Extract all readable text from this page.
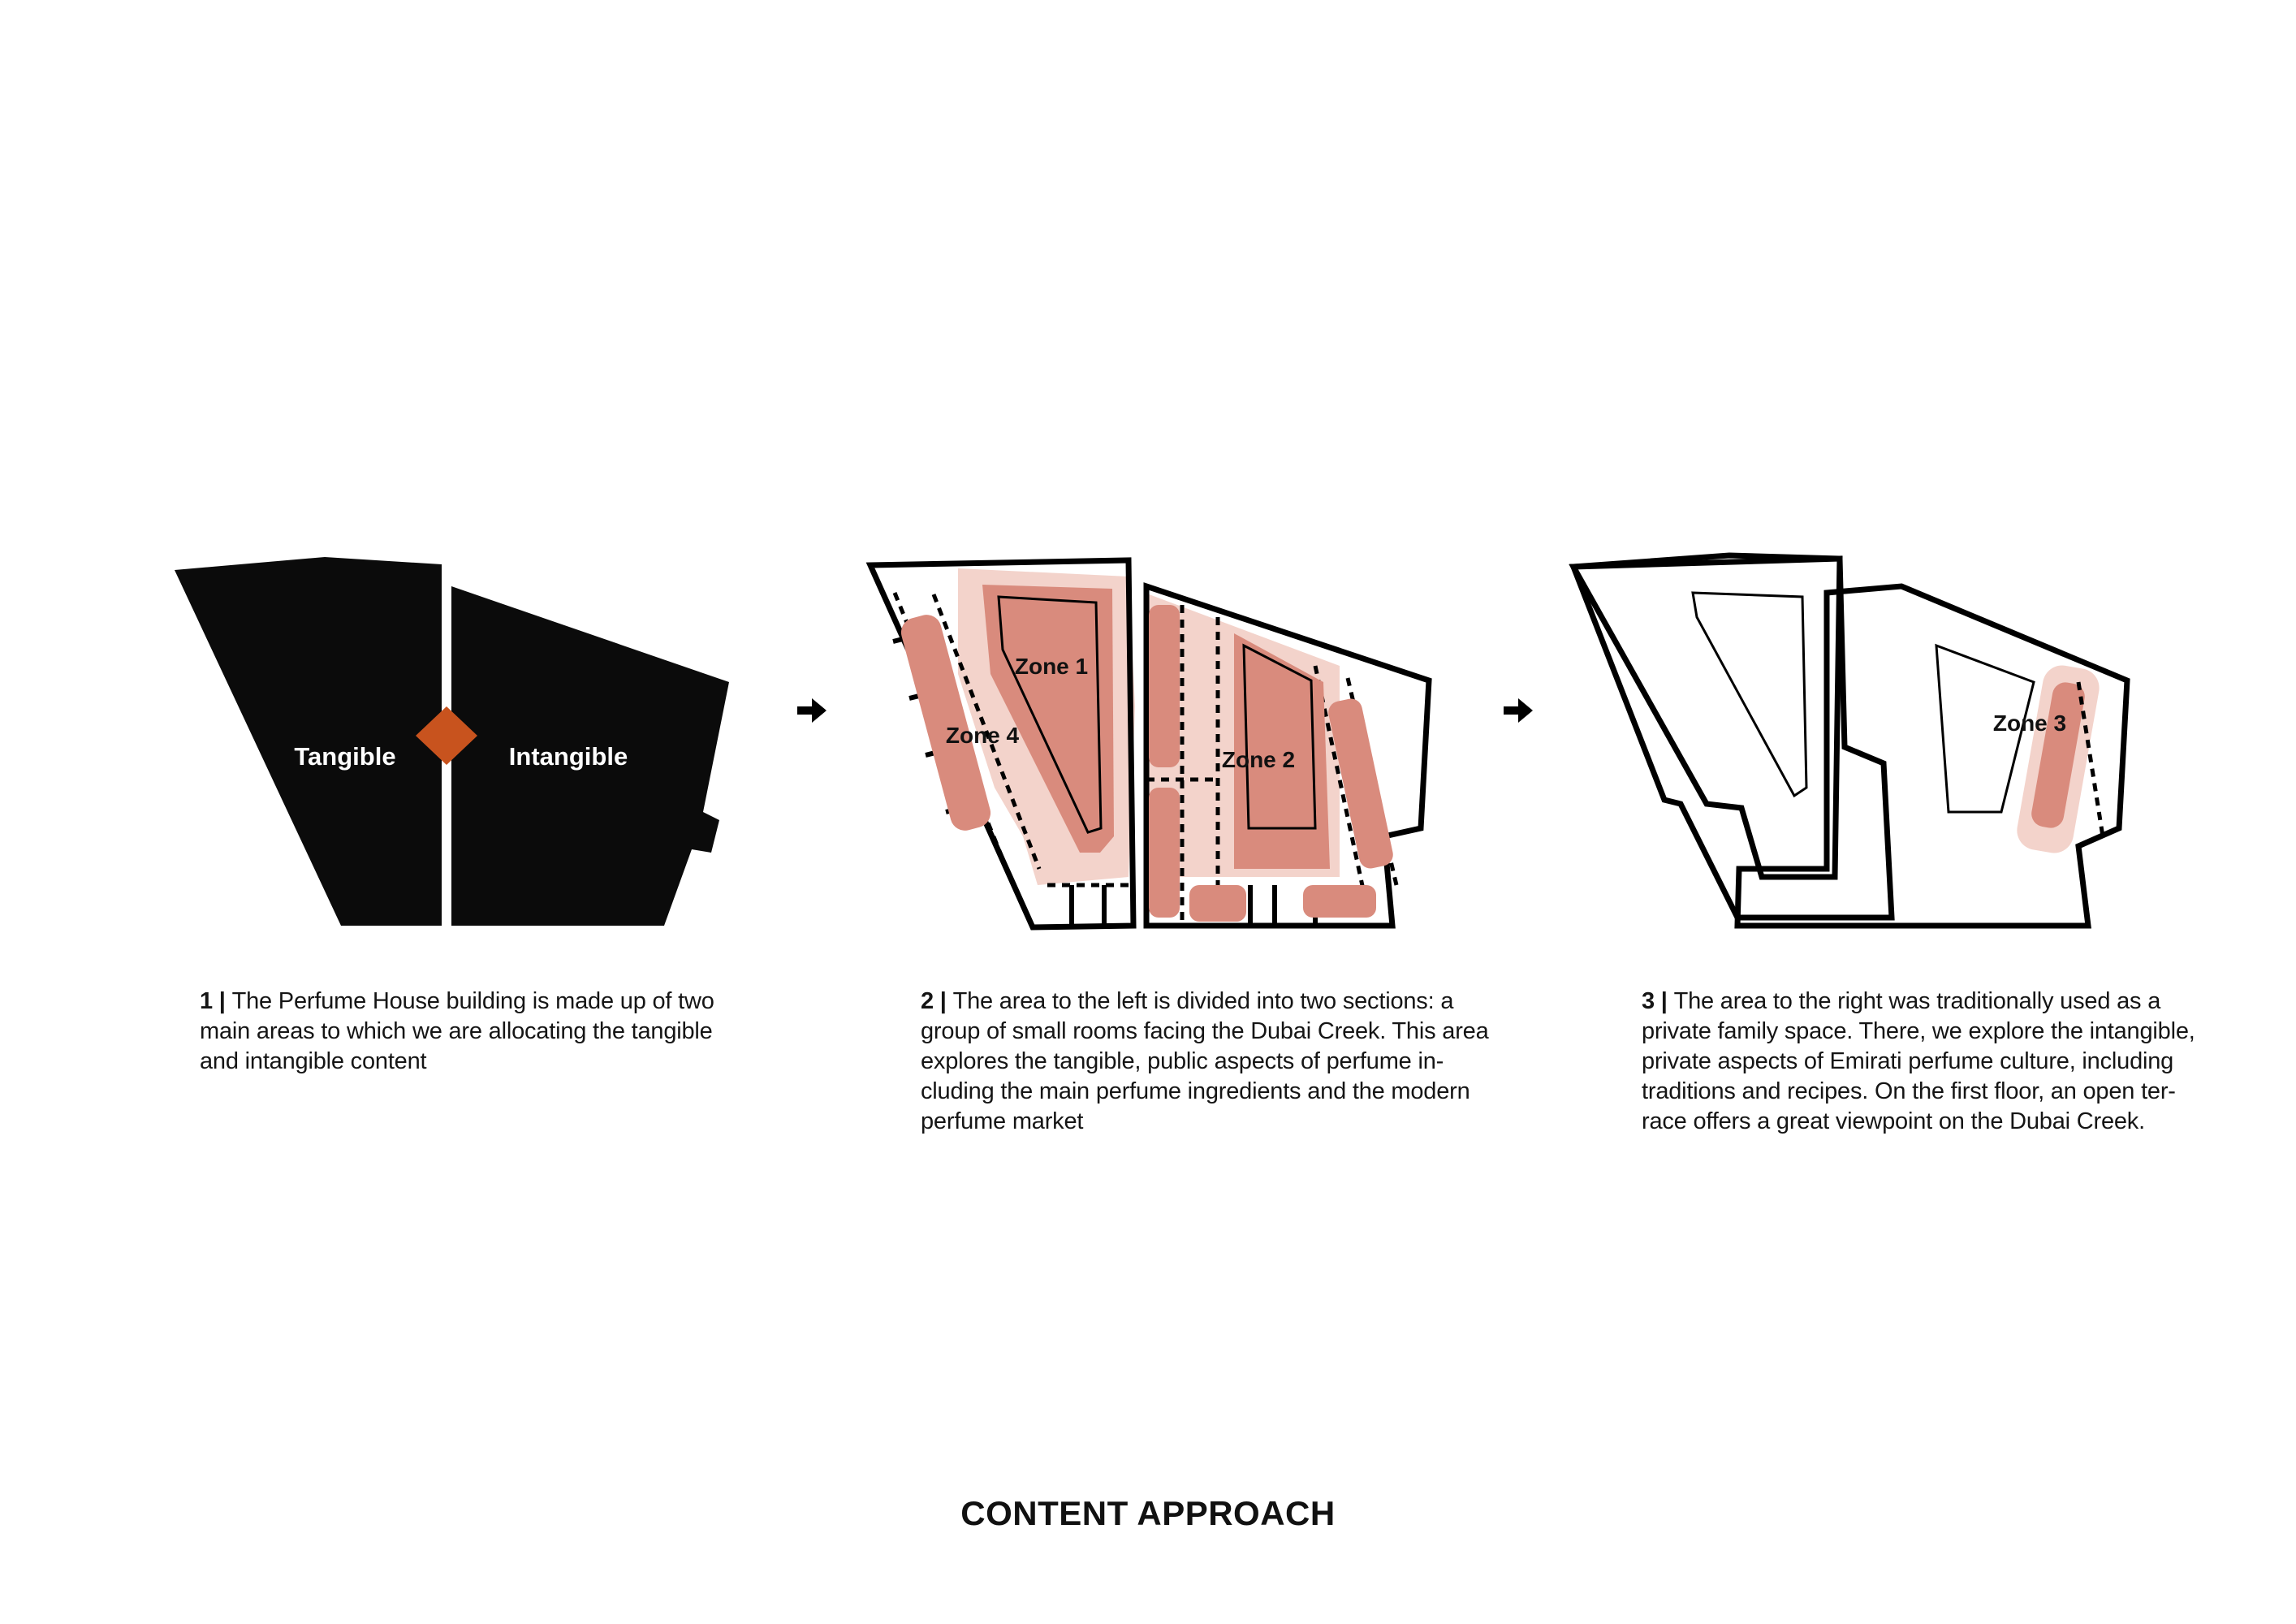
Tangible	Intangible
Zone 1
Zone 4
Zone 2
Zone 3
1 | The Perfume House building is made up of two
main areas to which we are allocating the tangible
and intangible content
2 | The area to the left is divided into two sections: a
group of small rooms facing the Dubai Creek. This area
explores the tangible, public aspects of perfume in-
cluding the main perfume ingredients and the modern
perfume market
3 | The area to the right was traditionally used as a
private family space. There, we explore the intangible,
private aspects of Emirati perfume culture, including
traditions and recipes. On the first floor, an open ter-
race offers a great viewpoint on the Dubai Creek.
CONTENT APPROACH
